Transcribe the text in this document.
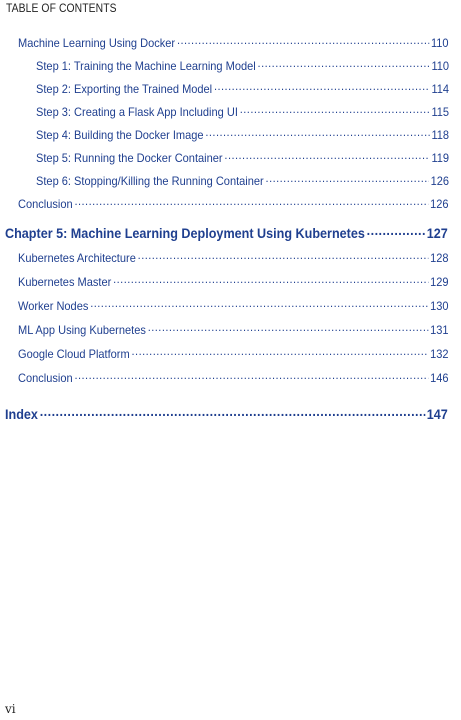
TABLE OF CONTENTS
Machine Learning Using Docker .....	110
Step 1: Training the Machine Learning Model .....	110
Step 2: Exporting the Trained Model .....	114
Step 3: Creating a Flask App Including UI .....	115
Step 4: Building the Docker Image .....	118
Step 5: Running the Docker Container .....	119
Step 6: Stopping/Killing the Running Container .....	126
Conclusion .....	126
Chapter 5: Machine Learning Deployment Using Kubernetes .....	127
Kubernetes Architecture .....	128
Kubernetes Master .....	129
Worker Nodes .....	130
ML App Using Kubernetes .....	131
Google Cloud Platform .....	132
Conclusion .....	146
Index .....	147
vi
